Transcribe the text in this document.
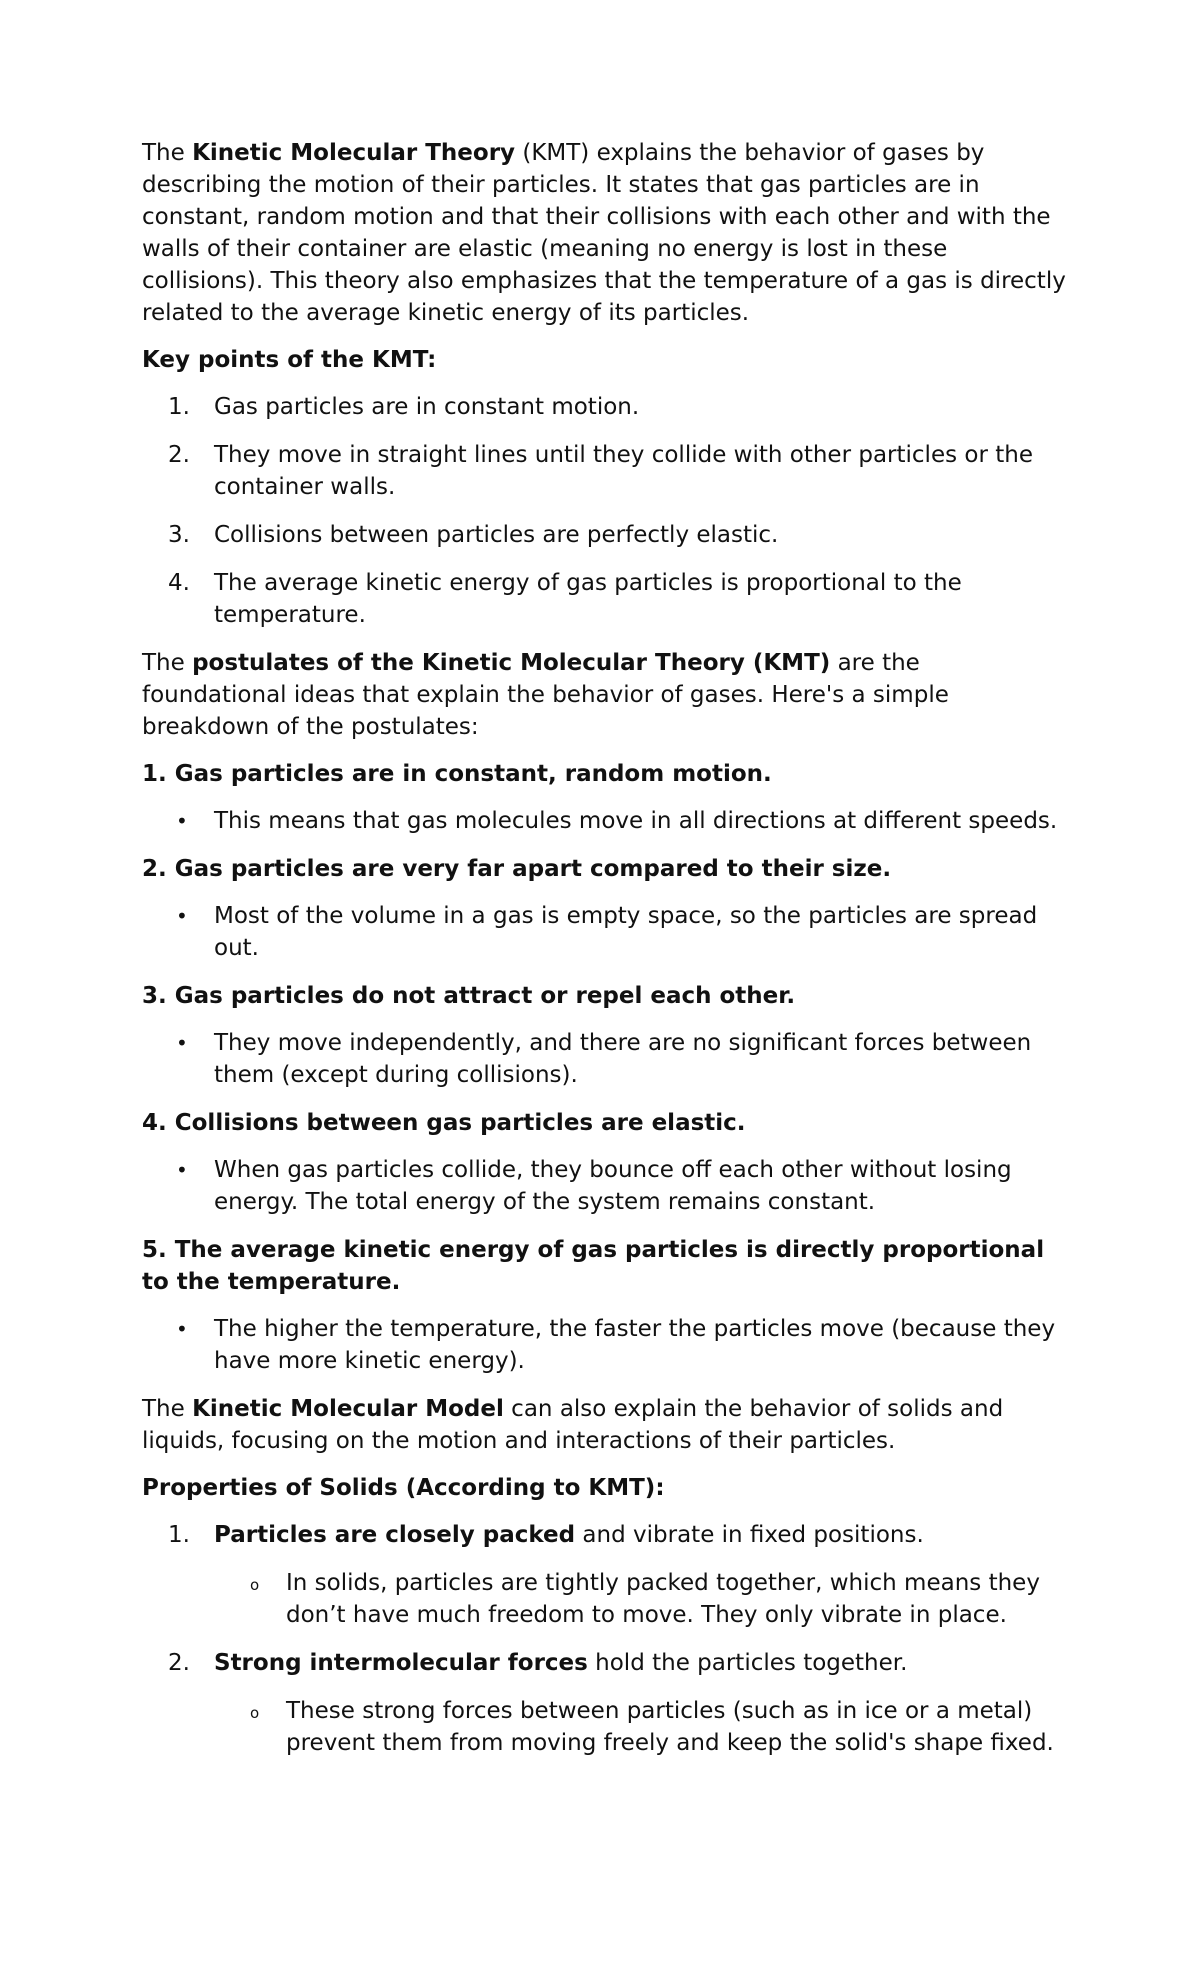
The Kinetic Molecular Theory (KMT) explains the behavior of gases by describing the motion of their particles. It states that gas particles are in constant, random motion and that their collisions with each other and with the walls of their container are elastic (meaning no energy is lost in these collisions). This theory also emphasizes that the temperature of a gas is directly related to the average kinetic energy of its particles.

Key points of the KMT:

1.	Gas particles are in constant motion.
2.	They move in straight lines until they collide with other particles or the container walls.
3.	Collisions between particles are perfectly elastic.
4.	The average kinetic energy of gas particles is proportional to the temperature.

The postulates of the Kinetic Molecular Theory (KMT) are the foundational ideas that explain the behavior of gases. Here's a simple breakdown of the postulates:

1. Gas particles are in constant, random motion.

• This means that gas molecules move in all directions at different speeds.

2. Gas particles are very far apart compared to their size.

• Most of the volume in a gas is empty space, so the particles are spread out.

3. Gas particles do not attract or repel each other.

• They move independently, and there are no significant forces between them (except during collisions).

4. Collisions between gas particles are elastic.

• When gas particles collide, they bounce off each other without losing energy. The total energy of the system remains constant.

5. The average kinetic energy of gas particles is directly proportional to the temperature.

• The higher the temperature, the faster the particles move (because they have more kinetic energy).

The Kinetic Molecular Model can also explain the behavior of solids and liquids, focusing on the motion and interactions of their particles.

Properties of Solids (According to KMT):

1.	Particles are closely packed and vibrate in fixed positions.
o	In solids, particles are tightly packed together, which means they don’t have much freedom to move. They only vibrate in place.
2.	Strong intermolecular forces hold the particles together.
o	These strong forces between particles (such as in ice or a metal) prevent them from moving freely and keep the solid's shape fixed.
